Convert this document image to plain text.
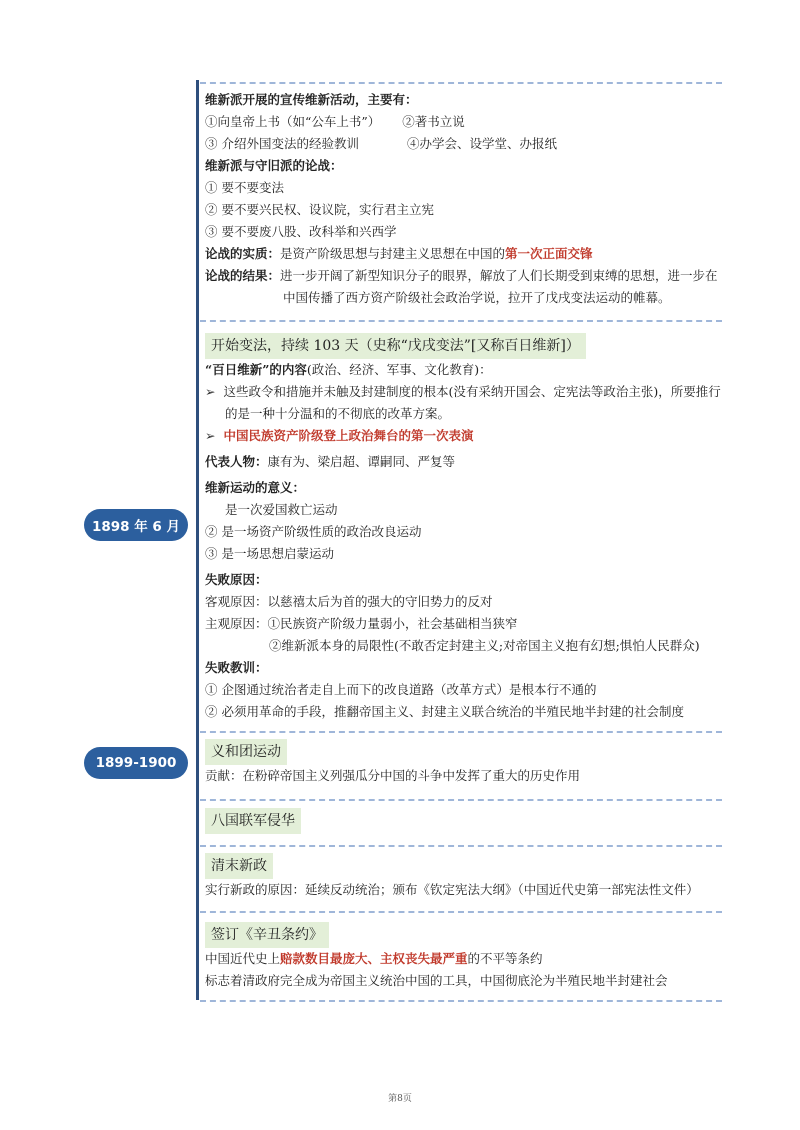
维新派开展的宣传维新活动，主要有：
①向皇帝上书（如“公车上书”） ②著书立说
③ 介绍外国变法的经验教训	④办学会、设学堂、办报纸
维新派与守旧派的论战：
① 要不要变法
② 要不要兴民权、设议院，实行君主立宪
③ 要不要废八股、改科举和兴西学
论战的实质：是资产阶级思想与封建主义思想在中国的第一次正面交锋
论战的结果：进一步开阔了新型知识分子的眼界，解放了人们长期受到束缚的思想，进一步在
中国传播了西方资产阶级社会政治学说，拉开了戊戌变法运动的帷幕。
1898 年 6 月
开始变法，持续 103 天（史称“戊戌变法”[又称百日维新]）
“百日维新”的内容(政治、经济、军事、文化教育)：
➢ 这些政令和措施并未触及封建制度的根本(没有采纳开国会、定宪法等政治主张)，所要推行
的是一种十分温和的不彻底的改革方案。
➢ 中国民族资产阶级登上政治舞台的第一次表演
代表人物：康有为、梁启超、谭嗣同、严复等
维新运动的意义：
是一次爱国救亡运动
② 是一场资产阶级性质的政治改良运动
③ 是一场思想启蒙运动
失败原因：
客观原因：以慈禧太后为首的强大的守旧势力的反对
主观原因：①民族资产阶级力量弱小，社会基础相当狭窄
②维新派本身的局限性(不敢否定封建主义;对帝国主义抱有幻想;惧怕人民群众)
失败教训：
① 企图通过统治者走自上而下的改良道路（改革方式）是根本行不通的
② 必须用革命的手段，推翻帝国主义、封建主义联合统治的半殖民地半封建的社会制度
1899-1900
义和团运动
贡献：在粉碎帝国主义列强瓜分中国的斗争中发挥了重大的历史作用
八国联军侵华
清末新政
实行新政的原因：延续反动统治；颁布《钦定宪法大纲》（中国近代史第一部宪法性文件）
签订《辛丑条约》
中国近代史上赔款数目最庞大、主权丧失最严重的不平等条约
标志着清政府完全成为帝国主义统治中国的工具，中国彻底沦为半殖民地半封建社会
第8页
